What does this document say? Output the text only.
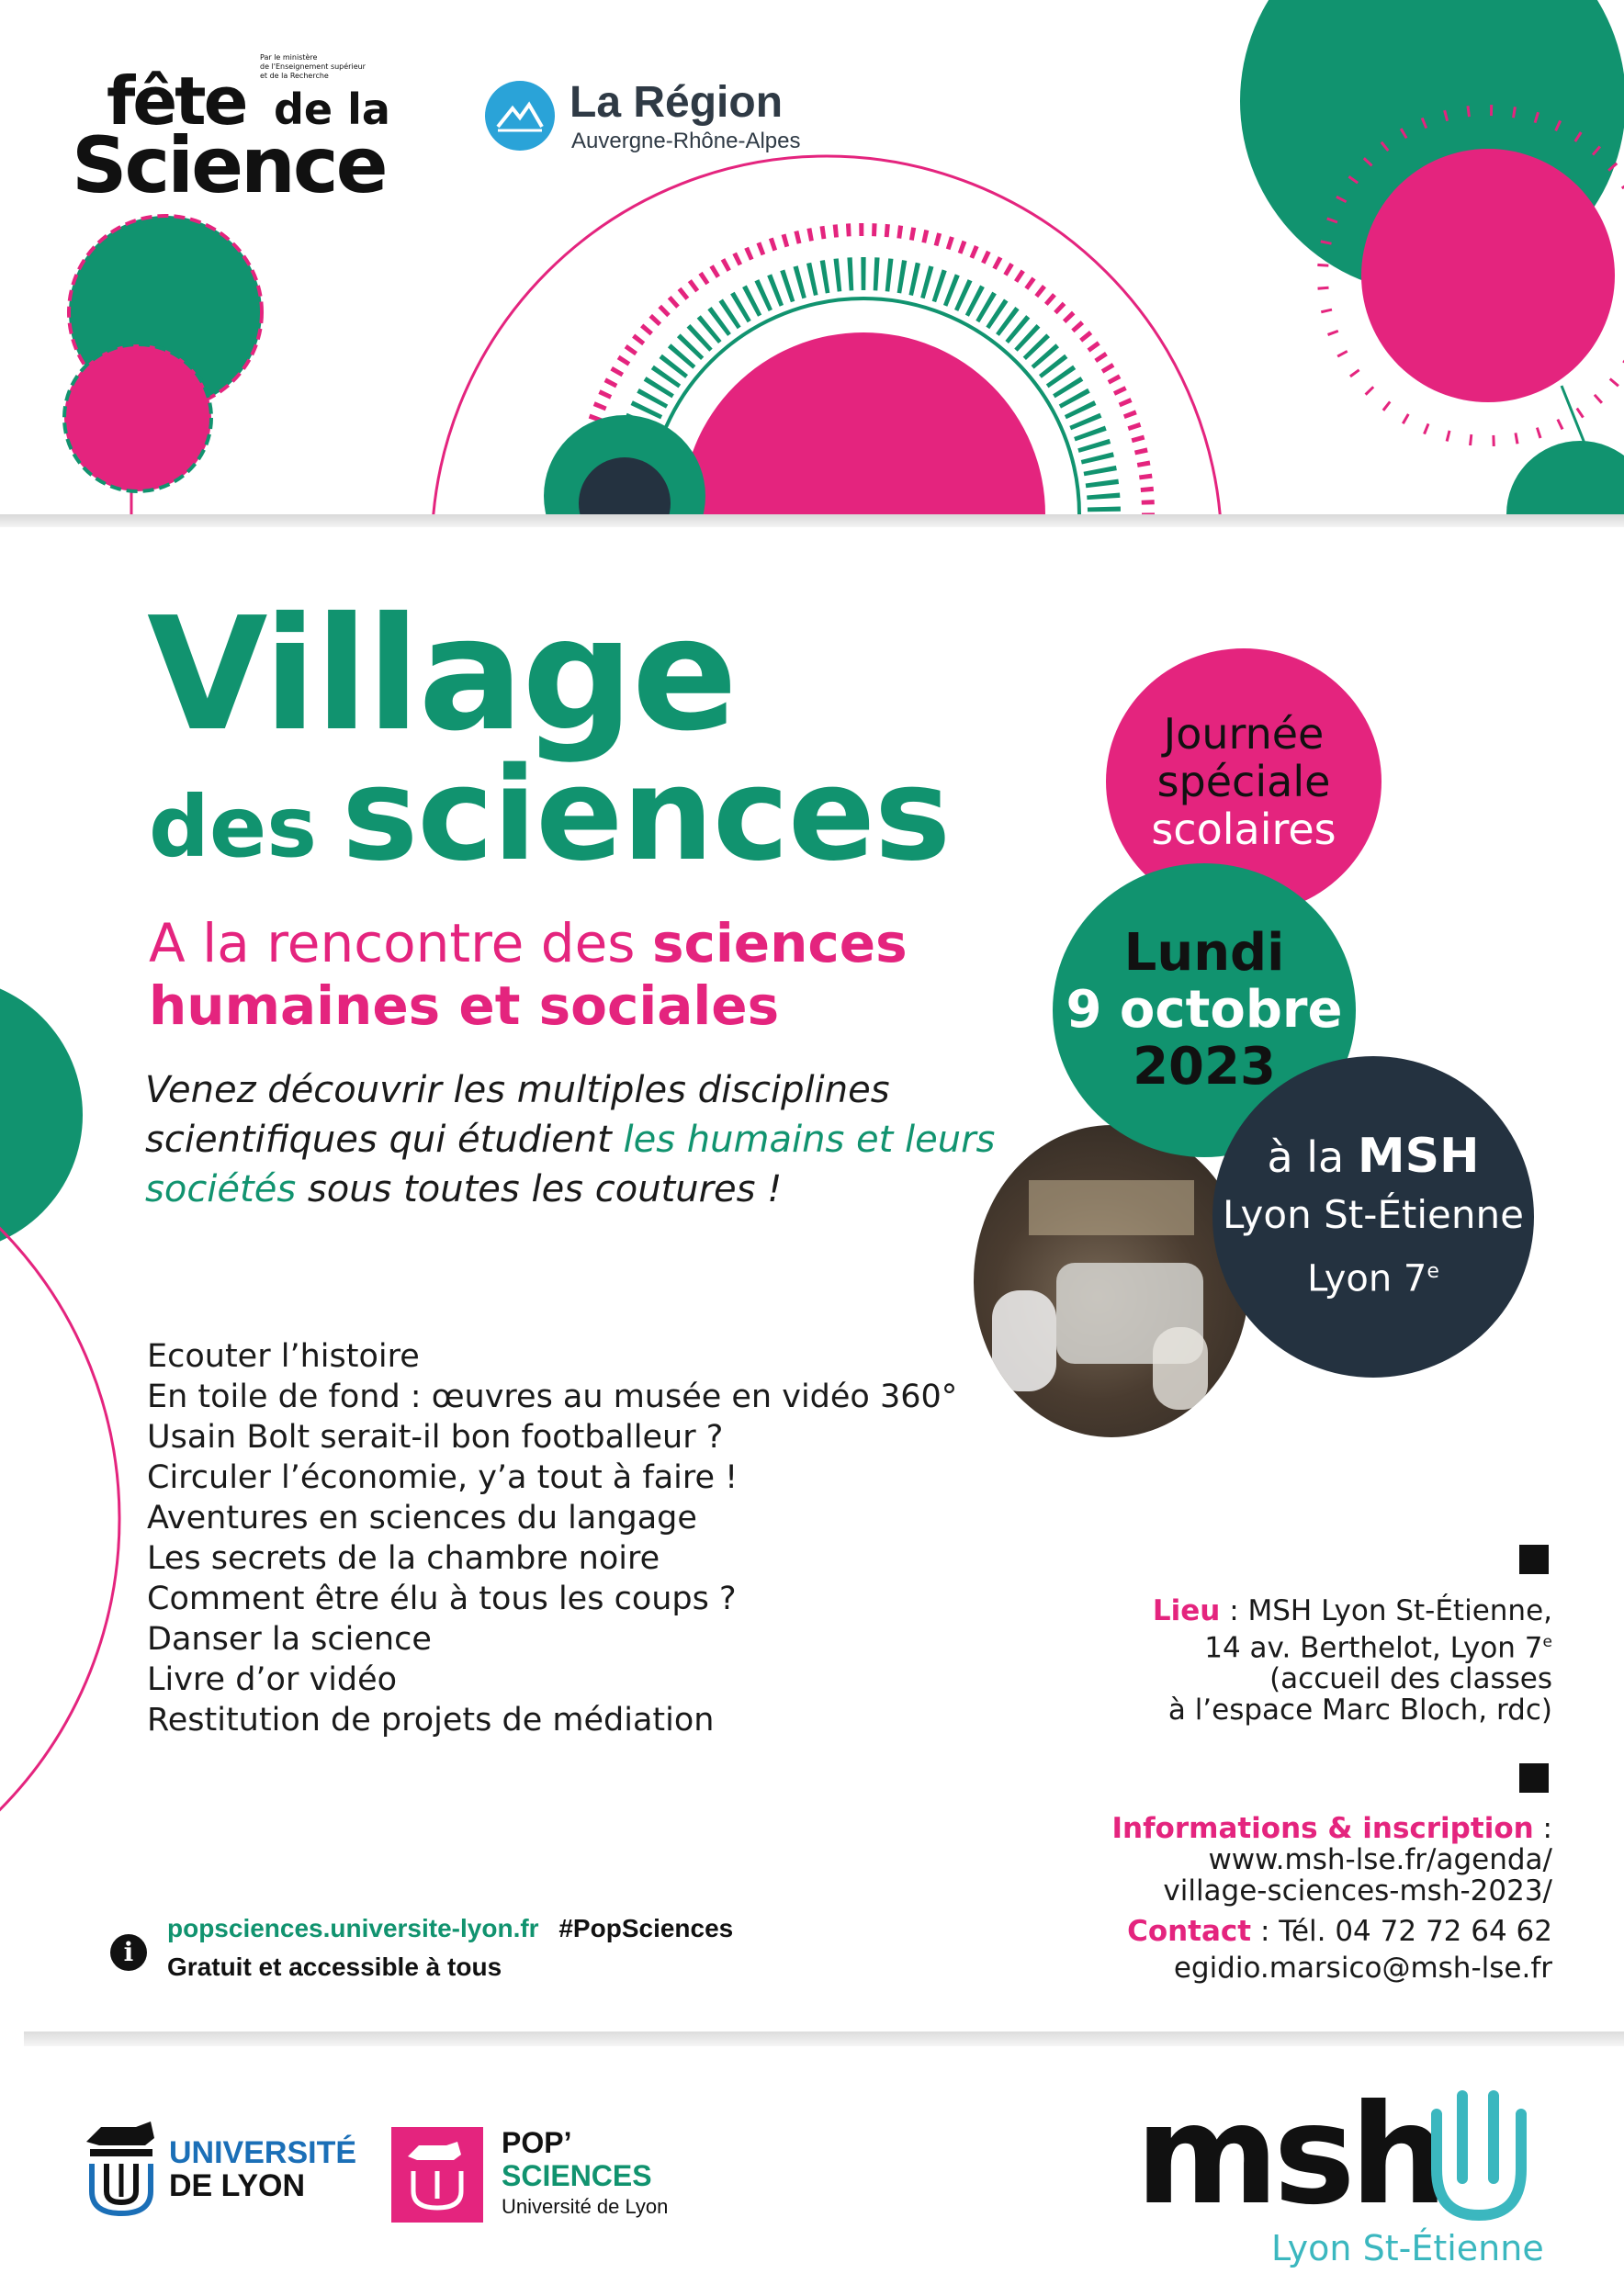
Par le ministère
de l'Enseignement supérieur
et de la Recherche
fête de la
Science
La Région
Auvergne-Rhône-Alpes
Village
des sciences
A la rencontre des sciences
humaines et sociales
Venez découvrir les multiples disciplines
scientifiques qui étudient les humains et leurs
sociétés sous toutes les coutures !
Journée
spéciale
scolaires
Lundi
9 octobre
2023
à la MSH
Lyon St-Étienne
Lyon 7e
Ecouter l’histoire
En toile de fond : œuvres au musée en vidéo 360°
Usain Bolt serait-il bon footballeur ?
Circuler l’économie, y’a tout à faire !
Aventures en sciences du langage
Les secrets de la chambre noire
Comment être élu à tous les coups ?
Danser la science
Livre d’or vidéo
Restitution de projets de médiation
Lieu : MSH Lyon St-Étienne,
14 av. Berthelot, Lyon 7e
(accueil des classes
à l’espace Marc Bloch, rdc)
Informations & inscription :
www.msh-lse.fr/agenda/
village-sciences-msh-2023/
Contact : Tél. 04 72 72 64 62
egidio.marsico@msh-lse.fr
i
popsciences.universite-lyon.fr #PopSciences
Gratuit et accessible à tous
UNIVERSITÉ
DE LYON
POP’
SCIENCES
Université de Lyon	msh
Lyon St-Étienne
